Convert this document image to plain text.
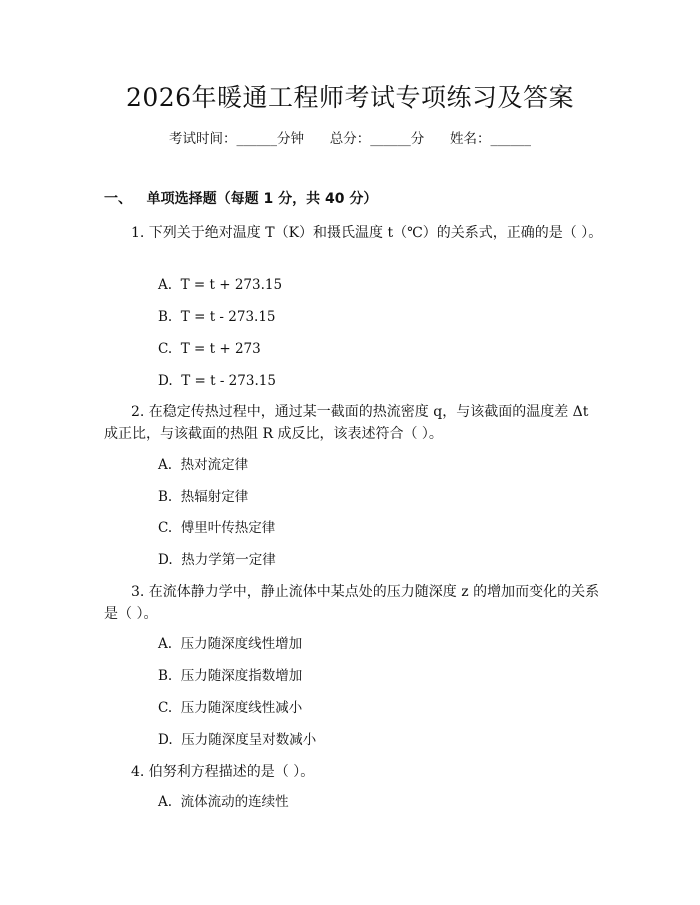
2026年暖通工程师考试专项练习及答案
考试时间：______分钟      总分：______分      姓名：______
一、   单项选择题（每题 1 分，共 40 分）
1. 下列关于绝对温度 T（K）和摄氏温度 t（℃）的关系式，正确的是（ ）。
A.  T = t + 273.15
B.  T = t - 273.15
C.  T = t + 273
D.  T = t - 273.15
2. 在稳定传热过程中，通过某一截面的热流密度 q，与该截面的温度差 Δt 成正比，与该截面的热阻 R 成反比，该表述符合（ ）。
A.  热对流定律
B.  热辐射定律
C.  傅里叶传热定律
D.  热力学第一定律
3. 在流体静力学中，静止流体中某点处的压力随深度 z 的增加而变化的关系是（ ）。
A.  压力随深度线性增加
B.  压力随深度指数增加
C.  压力随深度线性减小
D.  压力随深度呈对数减小
4. 伯努利方程描述的是（ ）。
A.  流体流动的连续性
